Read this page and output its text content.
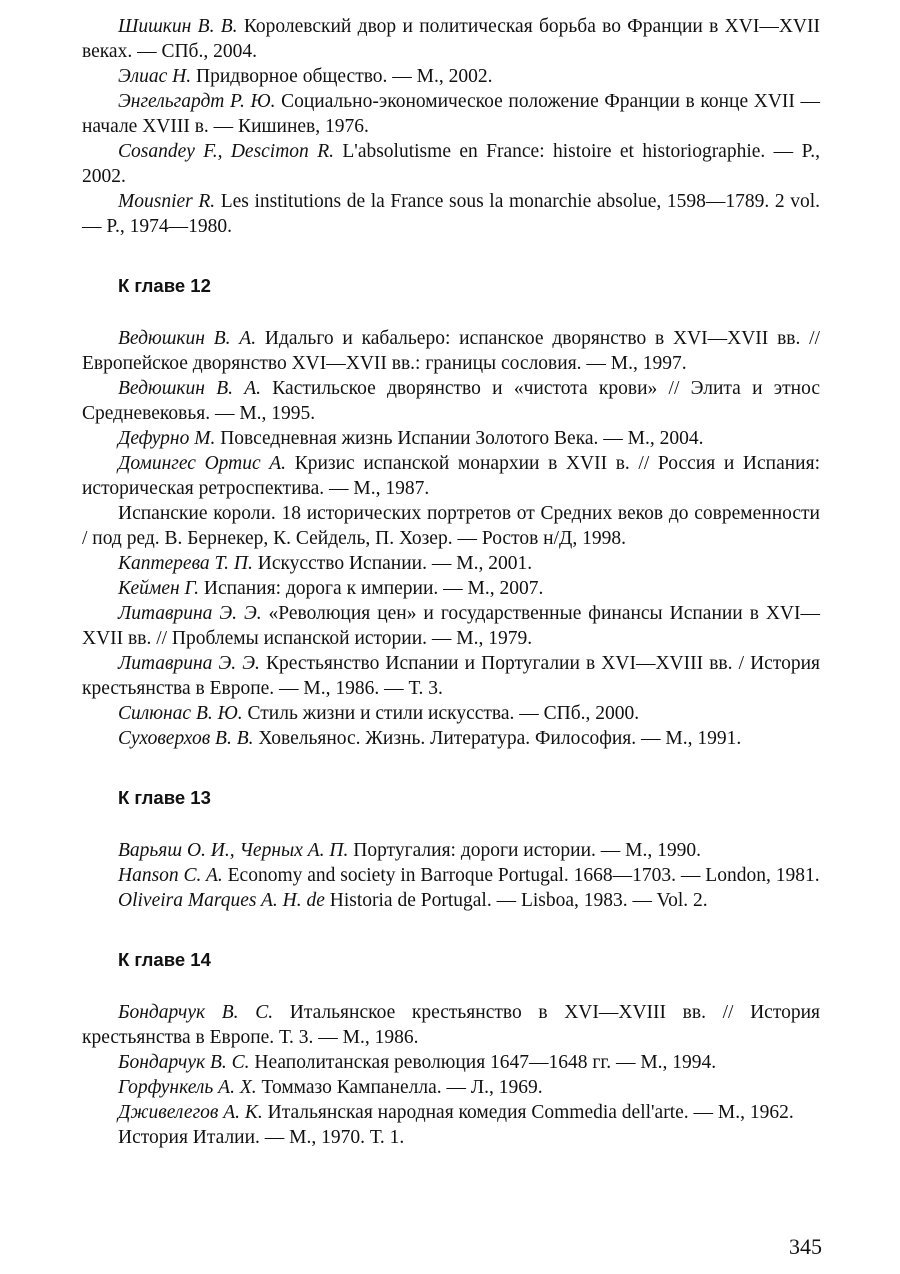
Шишкин В. В. Королевский двор и политическая борьба во Франции в XVI—XVII веках. — СПб., 2004.

Элиас Н. Придворное общество. — М., 2002.

Энгельгардт Р. Ю. Социально-экономическое положение Франции в конце XVII — начале XVIII в. — Кишинев, 1976.

Cosandey F., Descimon R. L'absolutisme en France: histoire et historiographie. — P., 2002.

Mousnier R. Les institutions de la France sous la monarchie absolue, 1598—1789. 2 vol. — P., 1974—1980.

К главе 12

Ведюшкин В. А. Идальго и кабальеро: испанское дворянство в XVI—XVII вв. // Европейское дворянство XVI—XVII вв.: границы сословия. — М., 1997.

Ведюшкин В. А. Кастильское дворянство и «чистота крови» // Элита и этнос Средневековья. — М., 1995.

Дефурно М. Повседневная жизнь Испании Золотого Века. — М., 2004.

Домингес Ортис А. Кризис испанской монархии в XVII в. // Россия и Испания: историческая ретроспектива. — М., 1987.

Испанские короли. 18 исторических портретов от Средних веков до современности / под ред. В. Бернекер, К. Сейдель, П. Хозер. — Ростов н/Д, 1998.

Каптерева Т. П. Искусство Испании. — М., 2001.

Кеймен Г. Испания: дорога к империи. — М., 2007.

Литаврина Э. Э. «Революция цен» и государственные финансы Испании в XVI—XVII вв. // Проблемы испанской истории. — М., 1979.

Литаврина Э. Э. Крестьянство Испании и Португалии в XVI—XVIII вв. / История крестьянства в Европе. — М., 1986. — Т. 3.

Силюнас В. Ю. Стиль жизни и стили искусства. — СПб., 2000.

Суховерхов В. В. Ховельянос. Жизнь. Литература. Философия. — М., 1991.

К главе 13

Варьяш О. И., Черных А. П. Португалия: дороги истории. — М., 1990.

Hanson C. A. Economy and society in Barroque Portugal. 1668—1703. — London, 1981.

Oliveira Marques A. H. de Historia de Portugal. — Lisboa, 1983. — Vol. 2.

К главе 14

Бондарчук В. С. Итальянское крестьянство в XVI—XVIII вв. // История крестьянства в Европе. Т. 3. — М., 1986.

Бондарчук В. С. Неаполитанская революция 1647—1648 гг. — М., 1994.

Горфункель А. Х. Томмазо Кампанелла. — Л., 1969.

Дживелегов А. К. Итальянская народная комедия Commedia dell'arte. — М., 1962.

История Италии. — М., 1970. Т. 1.

345
